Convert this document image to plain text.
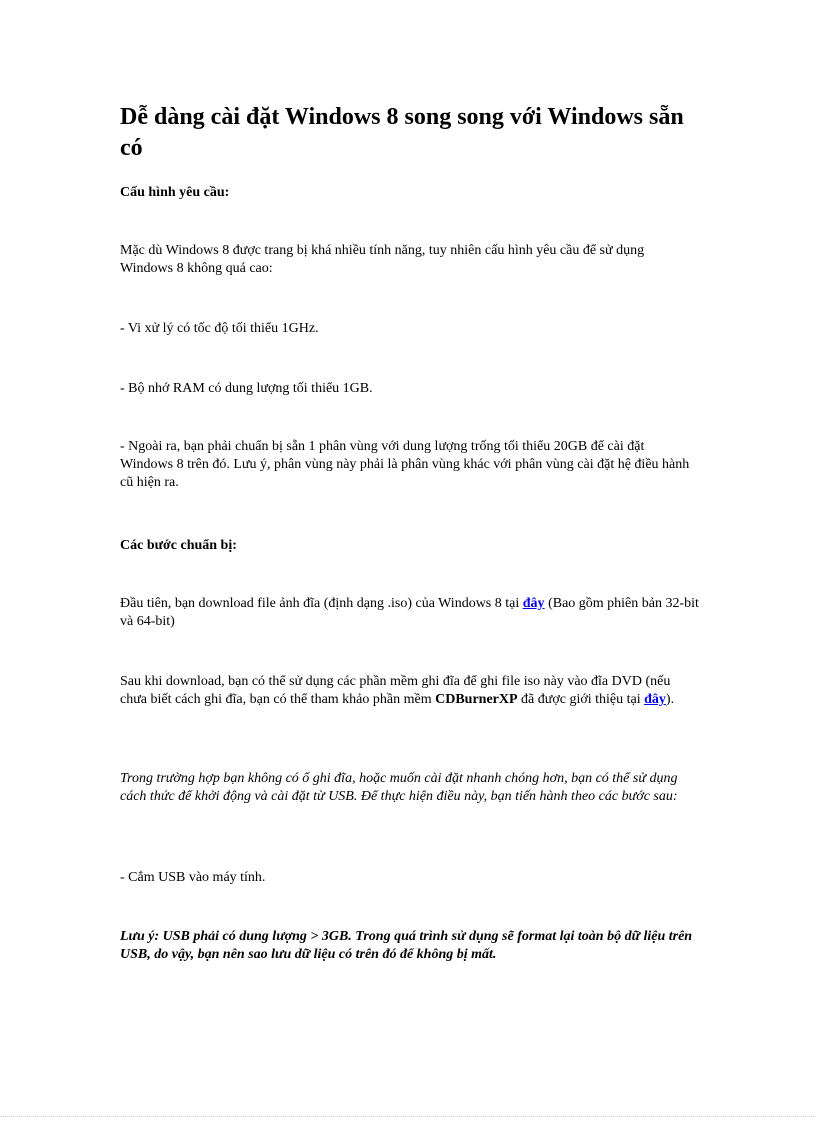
Dễ dàng cài đặt Windows 8 song song với Windows sẵn có

Cấu hình yêu cầu:

Mặc dù Windows 8 được trang bị khá nhiều tính năng, tuy nhiên cấu hình yêu cầu để sử dụng Windows 8 không quá cao:

- Vi xử lý có tốc độ tối thiểu 1GHz.

- Bộ nhớ RAM có dung lượng tối thiểu 1GB.

- Ngoài ra, bạn phải chuẩn bị sẵn 1 phân vùng với dung lượng trống tối thiểu 20GB để cài đặt Windows 8 trên đó. Lưu ý, phân vùng này phải là phân vùng khác với phân vùng cài đặt hệ điều hành cũ hiện ra.

Các bước chuẩn bị:

Đầu tiên, bạn download file ảnh đĩa (định dạng .iso) của Windows 8 tại đây (Bao gồm phiên bản 32-bit và 64-bit)

Sau khi download, bạn có thể sử dụng các phần mềm ghi đĩa để ghi file iso này vào đĩa DVD (nếu chưa biết cách ghi đĩa, bạn có thể tham khảo phần mềm CDBurnerXP đã được giới thiệu tại đây).

Trong trường hợp bạn không có ổ ghi đĩa, hoặc muốn cài đặt nhanh chóng hơn, bạn có thể sử dụng cách thức để khởi động và cài đặt từ USB. Để thực hiện điều này, bạn tiến hành theo các bước sau:

- Cắm USB vào máy tính.

Lưu ý: USB phải có dung lượng > 3GB. Trong quá trình sử dụng sẽ format lại toàn bộ dữ liệu trên USB, do vậy, bạn nên sao lưu dữ liệu có trên đó để không bị mất.
